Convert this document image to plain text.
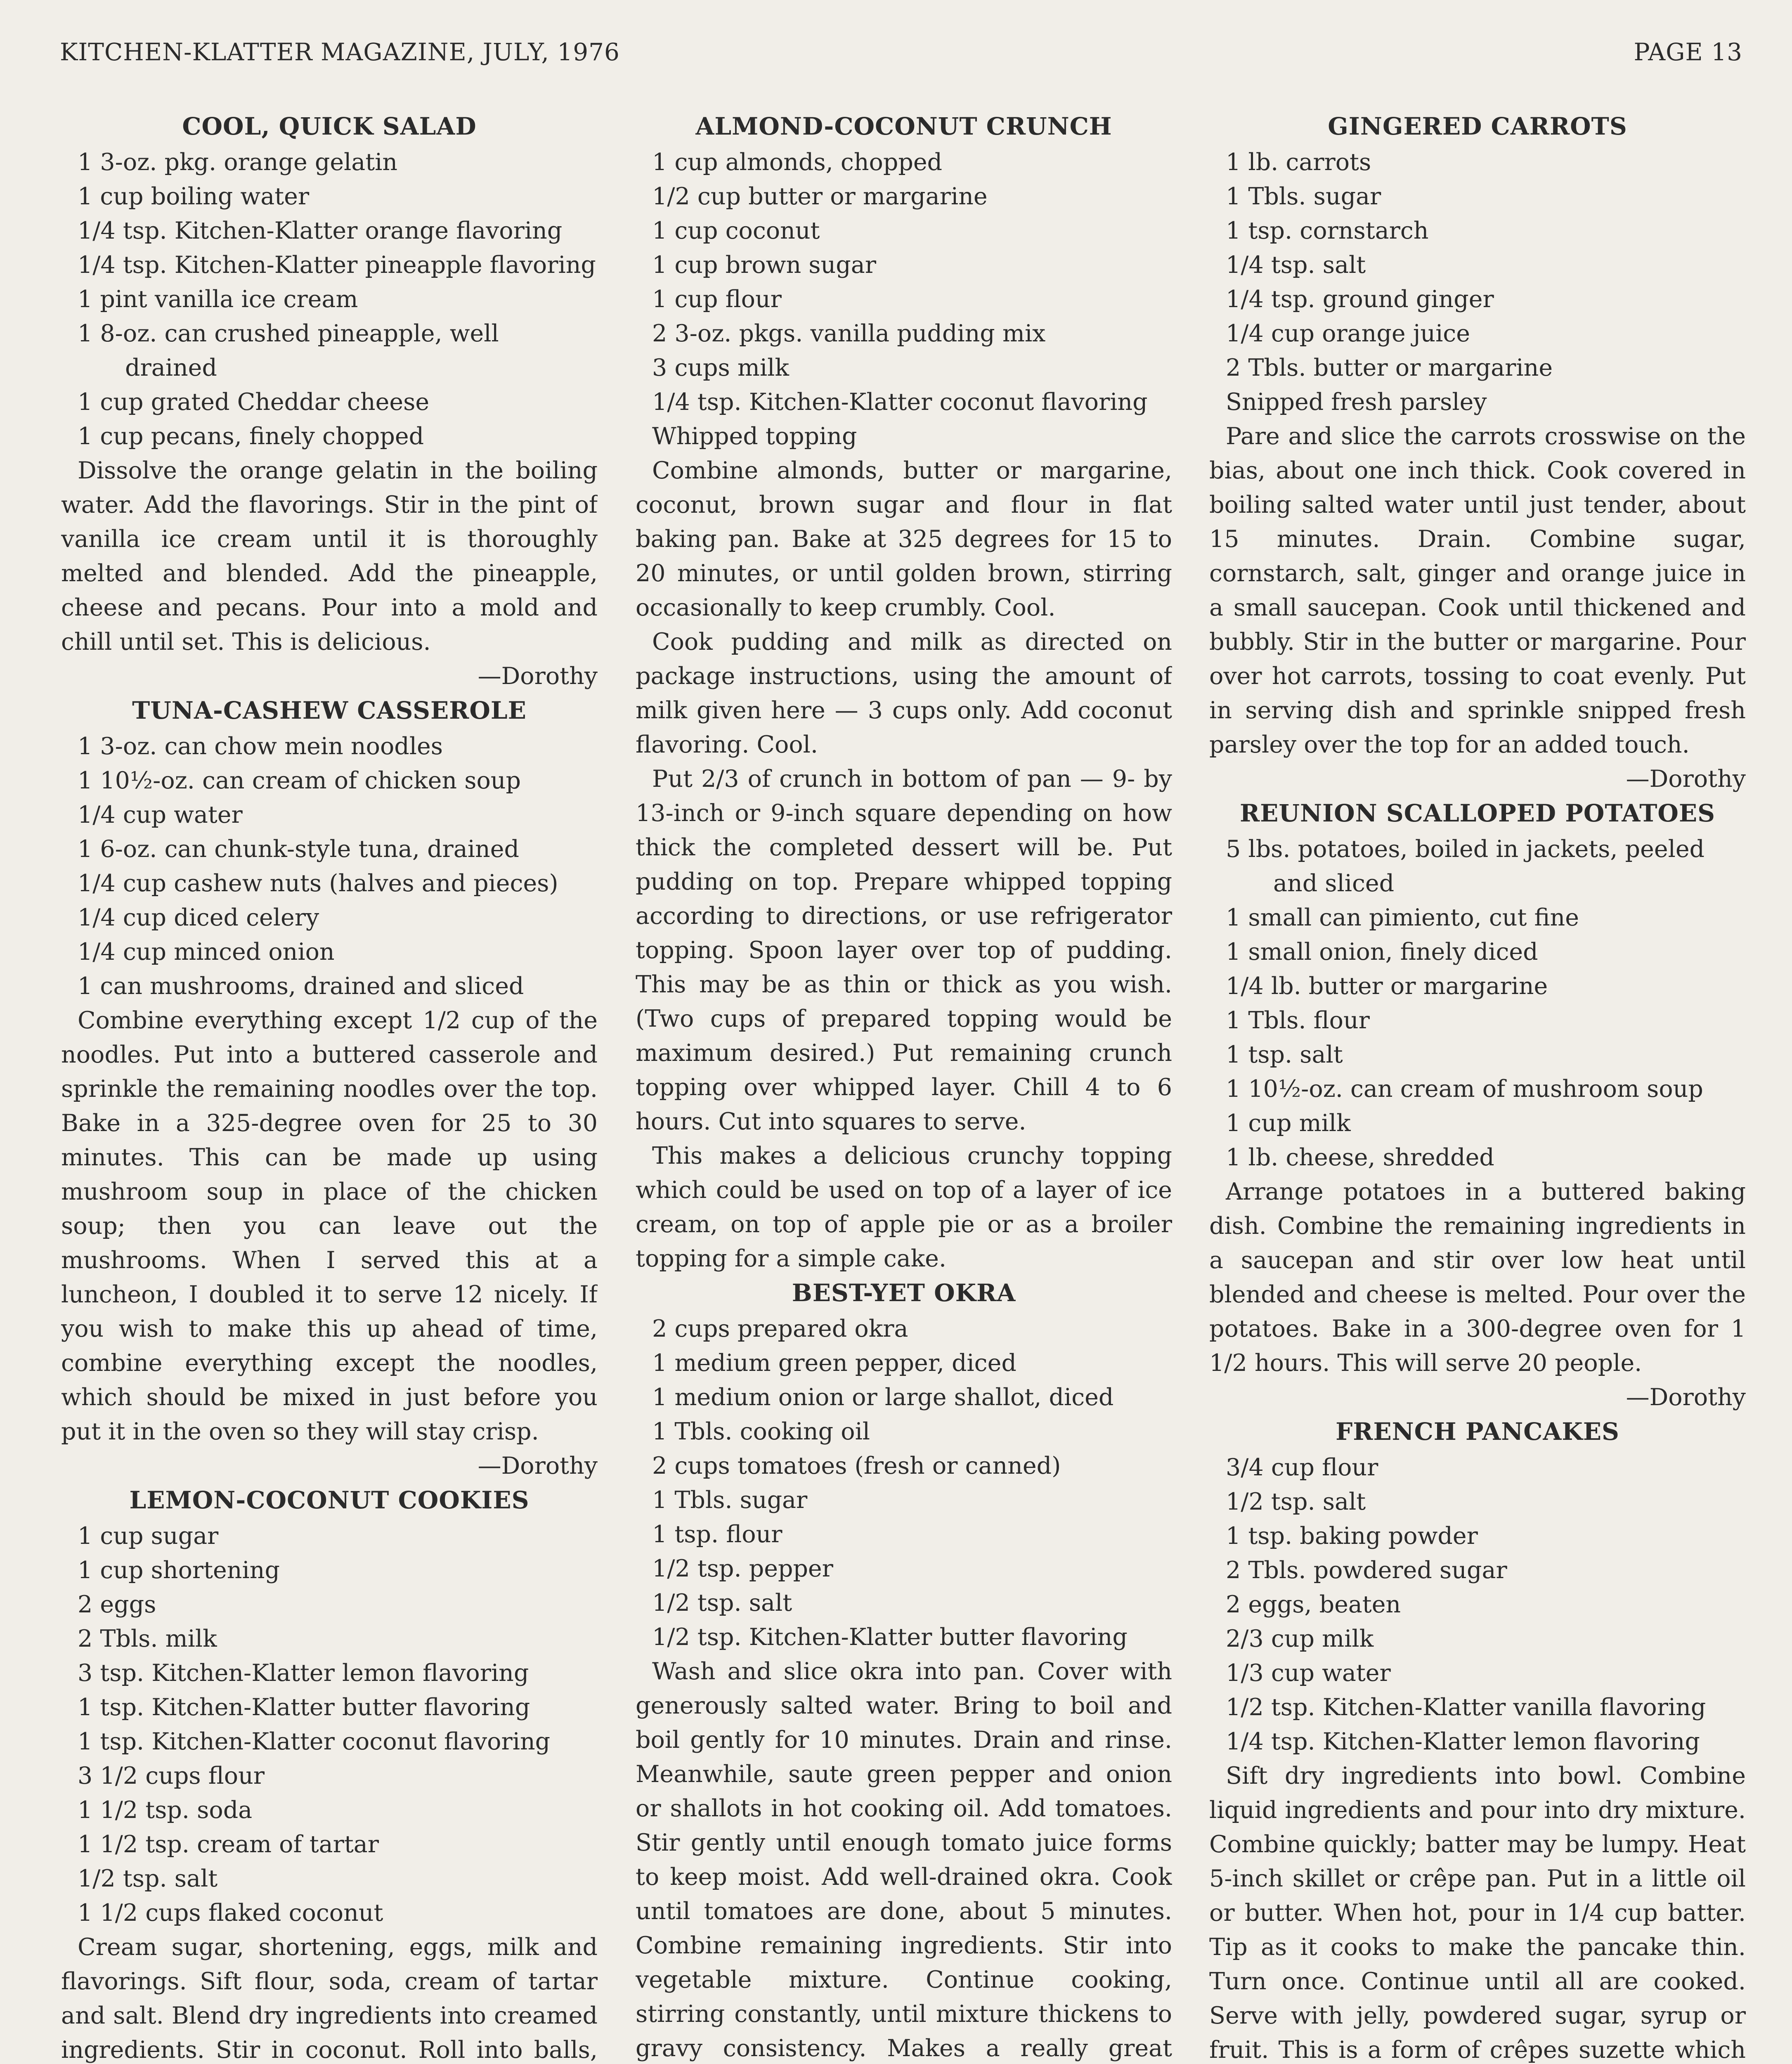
KITCHEN-KLATTER MAGAZINE, JULY, 1976	PAGE 13
COOL, QUICK SALAD
1 3-oz. pkg. orange gelatin
1 cup boiling water
1/4 tsp. Kitchen-Klatter orange flavoring
1/4 tsp. Kitchen-Klatter pineapple flavoring
1 pint vanilla ice cream
1 8-oz. can crushed pineapple, well drained
1 cup grated Cheddar cheese
1 cup pecans, finely chopped

Dissolve the orange gelatin in the boiling water. Add the flavorings. Stir in the pint of vanilla ice cream until it is thoroughly melted and blended. Add the pineapple, cheese and pecans. Pour into a mold and chill until set. This is delicious.

—Dorothy

TUNA-CASHEW CASSEROLE
1 3-oz. can chow mein noodles
1 10½-oz. can cream of chicken soup
1/4 cup water
1 6-oz. can chunk-style tuna, drained
1/4 cup cashew nuts (halves and pieces)
1/4 cup diced celery
1/4 cup minced onion
1 can mushrooms, drained and sliced

Combine everything except 1/2 cup of the noodles. Put into a buttered casserole and sprinkle the remaining noodles over the top. Bake in a 325-degree oven for 25 to 30 minutes. This can be made up using mushroom soup in place of the chicken soup; then you can leave out the mushrooms. When I served this at a luncheon, I doubled it to serve 12 nicely. If you wish to make this up ahead of time, combine everything except the noodles, which should be mixed in just before you put it in the oven so they will stay crisp.

—Dorothy

LEMON-COCONUT COOKIES
1 cup sugar
1 cup shortening
2 eggs
2 Tbls. milk
3 tsp. Kitchen-Klatter lemon flavoring
1 tsp. Kitchen-Klatter butter flavoring
1 tsp. Kitchen-Klatter coconut flavoring
3 1/2 cups flour
1 1/2 tsp. soda
1 1/2 tsp. cream of tartar
1/2 tsp. salt
1 1/2 cups flaked coconut

Cream sugar, shortening, eggs, milk and flavorings. Sift flour, soda, cream of tartar and salt. Blend dry ingredients into creamed ingredients. Stir in coconut. Roll into balls,

ALMOND-COCONUT CRUNCH
1 cup almonds, chopped
1/2 cup butter or margarine
1 cup coconut
1 cup brown sugar
1 cup flour
2 3-oz. pkgs. vanilla pudding mix
3 cups milk
1/4 tsp. Kitchen-Klatter coconut flavoring
Whipped topping

Combine almonds, butter or margarine, coconut, brown sugar and flour in flat baking pan. Bake at 325 degrees for 15 to 20 minutes, or until golden brown, stirring occasionally to keep crumbly. Cool.

Cook pudding and milk as directed on package instructions, using the amount of milk given here — 3 cups only. Add coconut flavoring. Cool.

Put 2/3 of crunch in bottom of pan — 9- by 13-inch or 9-inch square depending on how thick the completed dessert will be. Put pudding on top. Prepare whipped topping according to directions, or use refrigerator topping. Spoon layer over top of pudding. This may be as thin or thick as you wish. (Two cups of prepared topping would be maximum desired.) Put remaining crunch topping over whipped layer. Chill 4 to 6 hours. Cut into squares to serve.

This makes a delicious crunchy topping which could be used on top of a layer of ice cream, on top of apple pie or as a broiler topping for a simple cake.

BEST-YET OKRA
2 cups prepared okra
1 medium green pepper, diced
1 medium onion or large shallot, diced
1 Tbls. cooking oil
2 cups tomatoes (fresh or canned)
1 Tbls. sugar
1 tsp. flour
1/2 tsp. pepper
1/2 tsp. salt
1/2 tsp. Kitchen-Klatter butter flavoring

Wash and slice okra into pan. Cover with generously salted water. Bring to boil and boil gently for 10 minutes. Drain and rinse. Meanwhile, saute green pepper and onion or shallots in hot cooking oil. Add tomatoes. Stir gently until enough tomato juice forms to keep moist. Add well-drained okra. Cook until tomatoes are done, about 5 minutes. Combine remaining ingredients. Stir into vegetable mixture. Continue cooking, stirring constantly, until mixture thickens to gravy consistency. Makes a really great

GINGERED CARROTS
1 lb. carrots
1 Tbls. sugar
1 tsp. cornstarch
1/4 tsp. salt
1/4 tsp. ground ginger
1/4 cup orange juice
2 Tbls. butter or margarine
Snipped fresh parsley

Pare and slice the carrots crosswise on the bias, about one inch thick. Cook covered in boiling salted water until just tender, about 15 minutes. Drain. Combine sugar, cornstarch, salt, ginger and orange juice in a small saucepan. Cook until thickened and bubbly. Stir in the butter or margarine. Pour over hot carrots, tossing to coat evenly. Put in serving dish and sprinkle snipped fresh parsley over the top for an added touch.

—Dorothy

REUNION SCALLOPED POTATOES
5 lbs. potatoes, boiled in jackets, peeled and sliced
1 small can pimiento, cut fine
1 small onion, finely diced
1/4 lb. butter or margarine
1 Tbls. flour
1 tsp. salt
1 10½-oz. can cream of mushroom soup
1 cup milk
1 lb. cheese, shredded

Arrange potatoes in a buttered baking dish. Combine the remaining ingredients in a saucepan and stir over low heat until blended and cheese is melted. Pour over the potatoes. Bake in a 300-degree oven for 1 1/2 hours. This will serve 20 people.

—Dorothy

FRENCH PANCAKES
3/4 cup flour
1/2 tsp. salt
1 tsp. baking powder
2 Tbls. powdered sugar
2 eggs, beaten
2/3 cup milk
1/3 cup water
1/2 tsp. Kitchen-Klatter vanilla flavoring
1/4 tsp. Kitchen-Klatter lemon flavoring

Sift dry ingredients into bowl. Combine liquid ingredients and pour into dry mixture. Combine quickly; batter may be lumpy. Heat 5-inch skillet or crêpe pan. Put in a little oil or butter. When hot, pour in 1/4 cup batter. Tip as it cooks to make the pancake thin. Turn once. Continue until all are cooked. Serve with jelly, powdered sugar, syrup or fruit. This is a form of crêpes suzette which
